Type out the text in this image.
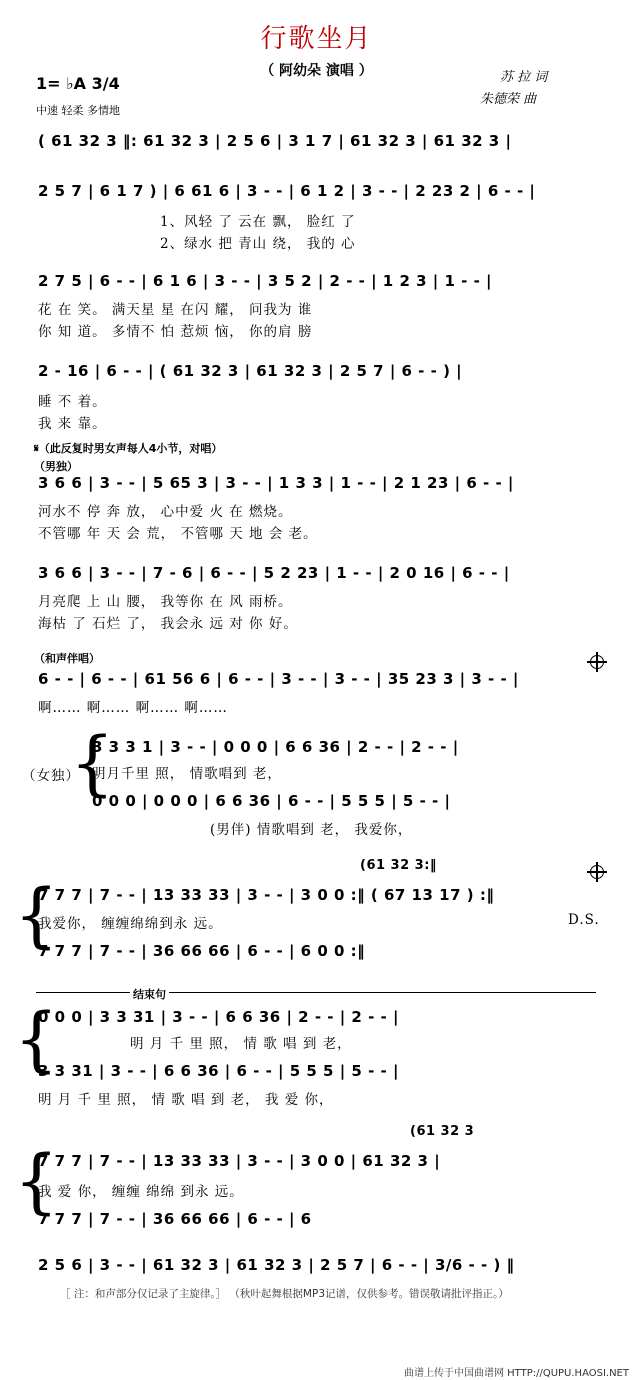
行歌坐月
（ 阿幼朵 演唱 ）
1= ♭A 3/4
中速 轻柔 多情地
苏 拉 词
朱德荣 曲
( 61 32 3 ‖: 61 32 3 | 2 5 6 | 3 1 7 | 61 32 3 | 61 32 3 |
2 5 7 | 6 1 7 ) | 6 61 6 | 3 - - | 6 1 2 | 3 - - | 2 23 2 | 6 - - |
1、风轻 了 云在 飘， 脸红 了
2、绿水 把 青山 绕， 我的 心
2 7 5 | 6 - - | 6 1 6 | 3 - - | 3 5 2 | 2 - - | 1 2 3 | 1 - - |
花 在 笑。 满天星 星 在闪 耀， 问我为 谁
你 知 道。 多情不 怕 惹烦 恼， 你的肩 膀
2 - 16 | 6 - - | ( 61 32 3 | 61 32 3 | 2 5 7 | 6 - - ) |
睡 不 着。
我 来 靠。
𝄋（此反复时男女声每人4小节，对唱）
（男独）
3 6 6 | 3 - - | 5 65 3 | 3 - - | 1 3 3 | 1 - - | 2 1 23 | 6 - - |
河水不 停 奔 放， 心中爱 火 在 燃烧。
不管哪 年 天 会 荒， 不管哪 天 地 会 老。
3 6 6 | 3 - - | 7 - 6 | 6 - - | 5 2 23 | 1 - - | 2 0 16 | 6 - - |
月亮爬 上 山 腰， 我等你 在 风 雨桥。
海枯 了 石烂 了， 我会永 远 对 你 好。
（和声伴唱）
6 - - | 6 - - | 61 56 6 | 6 - - | 3 - - | 3 - - | 35 23 3 | 3 - - |
啊…… 啊…… 啊…… 啊……
（女独）
{
3 3 3 1 | 3 - - | 0 0 0 | 6 6 36 | 2 - - | 2 - - |
明月千里 照， 情歌唱到 老，
0 0 0 | 0 0 0 | 6 6 36 | 6 - - | 5 5 5 | 5 - - |
(男伴) 情歌唱到 老， 我爱你，
(61 32 3:‖
{
7 7 7 | 7 - - | 13 33 33 | 3 - - | 3 0 0 :‖ ( 67 13 17 ) :‖
我爱你， 缠缠绵绵到永 远。	D.S.
7 7 7 | 7 - - | 36 66 66 | 6 - - | 6 0 0 :‖
结束句
{
0 0 0 | 3 3 31 | 3 - - | 6 6 36 | 2 - - | 2 - - |
明 月 千 里 照， 情 歌 唱 到 老，
3 3 31 | 3 - - | 6 6 36 | 6 - - | 5 5 5 | 5 - - |
明 月 千 里 照， 情 歌 唱 到 老， 我 爱 你，
(61 32 3
{
7 7 7 | 7 - - | 13 33 33 | 3 - - | 3 0 0 | 61 32 3 |
我 爱 你， 缠缠 绵绵 到永 远。
7 7 7 | 7 - - | 36 66 66 | 6 - - | 6
2 5 6 | 3 - - | 61 32 3 | 61 32 3 | 2 5 7 | 6 - - | 3/6 - - ) ‖
［ 注：和声部分仅记录了主旋律。］ （秋叶起舞根据MP3记谱，仅供参考。错误敬请批评指正。）
曲谱上传于中国曲谱网 HTTP://QUPU.HAOSI.NET
